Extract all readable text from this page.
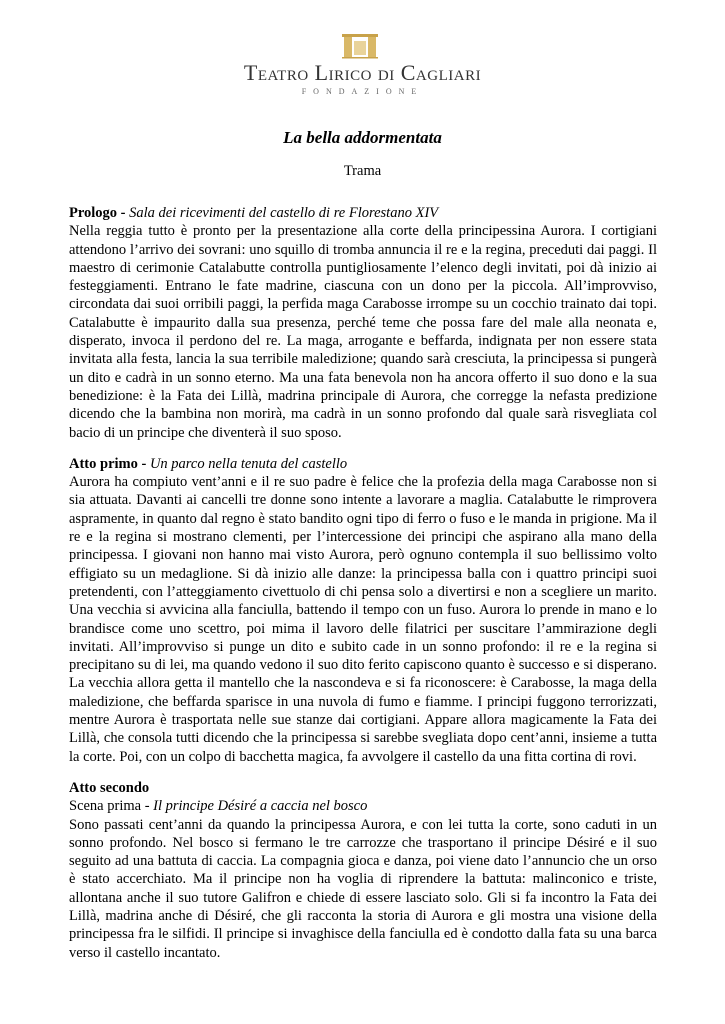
Teatro Lirico di Cagliari
FONDAZIONE
La bella addormentata
Trama
Prologo - Sala dei ricevimenti del castello di re Florestano XIV

Nella reggia tutto è pronto per la presentazione alla corte della principessina Aurora. I cortigiani attendono l’arrivo dei sovrani: uno squillo di tromba annuncia il re e la regina, preceduti dai paggi. Il maestro di cerimonie Catalabutte controlla puntigliosamente l’elenco degli invitati, poi dà inizio ai festeggiamenti. Entrano le fate madrine, ciascuna con un dono per la piccola. All’improvviso, circondata dai suoi orribili paggi, la perfida maga Carabosse irrompe su un cocchio trainato dai topi. Catalabutte è impaurito dalla sua presenza, perché teme che possa fare del male alla neonata e, disperato, invoca il perdono del re. La maga, arrogante e beffarda, indignata per non essere stata invitata alla festa, lancia la sua terribile maledizione; quando sarà cresciuta, la principessa si pungerà un dito e cadrà in un sonno eterno. Ma una fata benevola non ha ancora offerto il suo dono e la sua benedizione: è la Fata dei Lillà, madrina principale di Aurora, che corregge la nefasta predizione dicendo che la bambina non morirà, ma cadrà in un sonno profondo dal quale sarà risvegliata col bacio di un principe che diventerà il suo sposo.

Atto primo - Un parco nella tenuta del castello

Aurora ha compiuto vent’anni e il re suo padre è felice che la profezia della maga Carabosse non si sia attuata. Davanti ai cancelli tre donne sono intente a lavorare a maglia. Catalabutte le rimprovera aspramente, in quanto dal regno è stato bandito ogni tipo di ferro o fuso e le manda in prigione. Ma il re e la regina si mostrano clementi, per l’intercessione dei principi che aspirano alla mano della principessa. I giovani non hanno mai visto Aurora, però ognuno contempla il suo bellissimo volto effigiato su un medaglione. Si dà inizio alle danze: la principessa balla con i quattro principi suoi pretendenti, con l’atteggiamento civettuolo di chi pensa solo a divertirsi e non a scegliere un marito. Una vecchia si avvicina alla fanciulla, battendo il tempo con un fuso. Aurora lo prende in mano e lo brandisce come uno scettro, poi mima il lavoro delle filatrici per suscitare l’ammirazione degli invitati. All’improvviso si punge un dito e subito cade in un sonno profondo: il re e la regina si precipitano su di lei, ma quando vedono il suo dito ferito capiscono quanto è successo e si disperano. La vecchia allora getta il mantello che la nascondeva e si fa riconoscere: è Carabosse, la maga della maledizione, che beffarda sparisce in una nuvola di fumo e fiamme. I principi fuggono terrorizzati, mentre Aurora è trasportata nelle sue stanze dai cortigiani. Appare allora magicamente la Fata dei Lillà, che consola tutti dicendo che la principessa si sarebbe svegliata dopo cent’anni, insieme a tutta la corte. Poi, con un colpo di bacchetta magica, fa avvolgere il castello da una fitta cortina di rovi.

Atto secondo
Scena prima - Il principe Désiré a caccia nel bosco

Sono passati cent’anni da quando la principessa Aurora, e con lei tutta la corte, sono caduti in un sonno profondo. Nel bosco si fermano le tre carrozze che trasportano il principe Désiré e il suo seguito ad una battuta di caccia. La compagnia gioca e danza, poi viene dato l’annuncio che un orso è stato accerchiato. Ma il principe non ha voglia di riprendere la battuta: malinconico e triste, allontana anche il suo tutore Galifron e chiede di essere lasciato solo. Gli si fa incontro la Fata dei Lillà, madrina anche di Désiré, che gli racconta la storia di Aurora e gli mostra una visione della principessa fra le silfidi. Il principe si invaghisce della fanciulla ed è condotto dalla fata su una barca verso il castello incantato.
